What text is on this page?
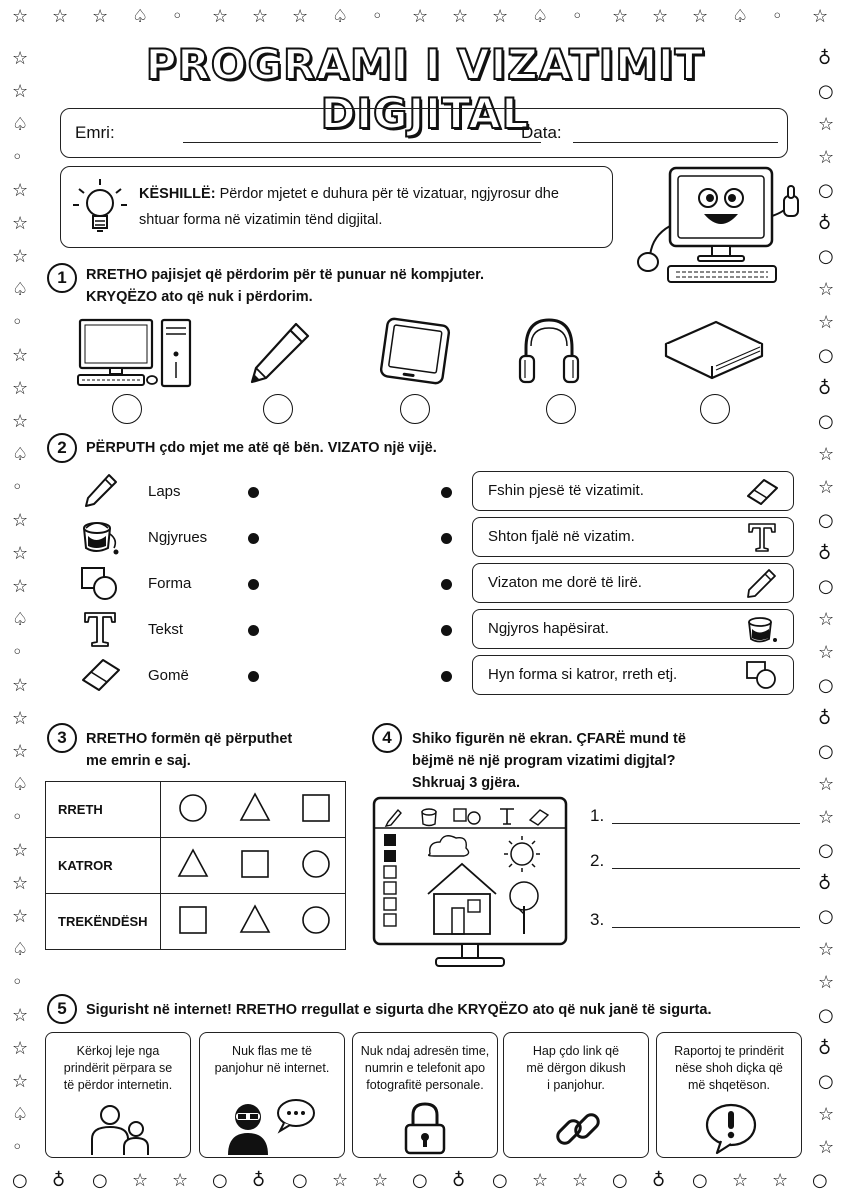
☆
○
☆
♁
☆
○
♤
☆
◦
☆
☆
○
☆
♁
☆
○
♤
☆
◦
☆
☆
○
☆
♁
☆
○
♤
☆
◦
☆
☆
○
☆
♁
☆
○
♤
☆
◦
☆
☆
○
☆	♁
☆	○
♤	☆
◦	☆
☆	○
☆	♁
☆	○
♤	☆
◦	☆
☆	○
☆	♁
☆	○
♤	☆
◦	☆
☆	○
☆	♁
☆	○
♤	☆
◦	☆
☆	○
☆	♁
☆	○
♤	☆
◦	☆
☆	○
☆	♁
☆	○
♤	☆
◦	☆
☆	○
☆	♁
☆	○
♤	☆
◦	☆
PROGRAMI I VIZATIMIT DIGJITAL
Emri:	Data:
KËSHILLË: Përdor mjetet e duhura për të vizatuar, ngjyrosur dhe shtuar forma në vizatimin tënd digjital.
1	RRETHO pajisjet që përdorim për të punuar në kompjuter.
KRYQËZO ato që nuk i përdorim.
2	PËRPUTH çdo mjet me atë që bën. VIZATO një vijë.
Laps
Ngjyrues
Forma
Tekst
Gomë
Fshin pjesë të vizatimit.
Shton fjalë në vizatim.
Vizaton me dorë të lirë.
Ngjyros hapësirat.
Hyn forma si katror, rreth etj.
3	RRETHO formën që përputhet
me emrin e saj.
RRETH	
KATROR	
TREKËNDËSH	
4	Shiko figurën në ekran. ÇFARË mund të
bëjmë në një program vizatimi digjtal?
Shkruaj 3 gjëra.
1.
2.
3.
5	Sigurisht në internet! RRETHO rregullat e sigurta dhe KRYQËZO ato që nuk janë të sigurta.
Kërkoj leje nga
prindërit përpara se
të përdor internetin.
Nuk flas me të
panjohur në internet.
Nuk ndaj adresën time,
numrin e telefonit apo
fotografitë personale.
Hap çdo link që
më dërgon dikush
i panjohur.
Raportoj te prindërit
nëse shoh diçka që
më shqetëson.
